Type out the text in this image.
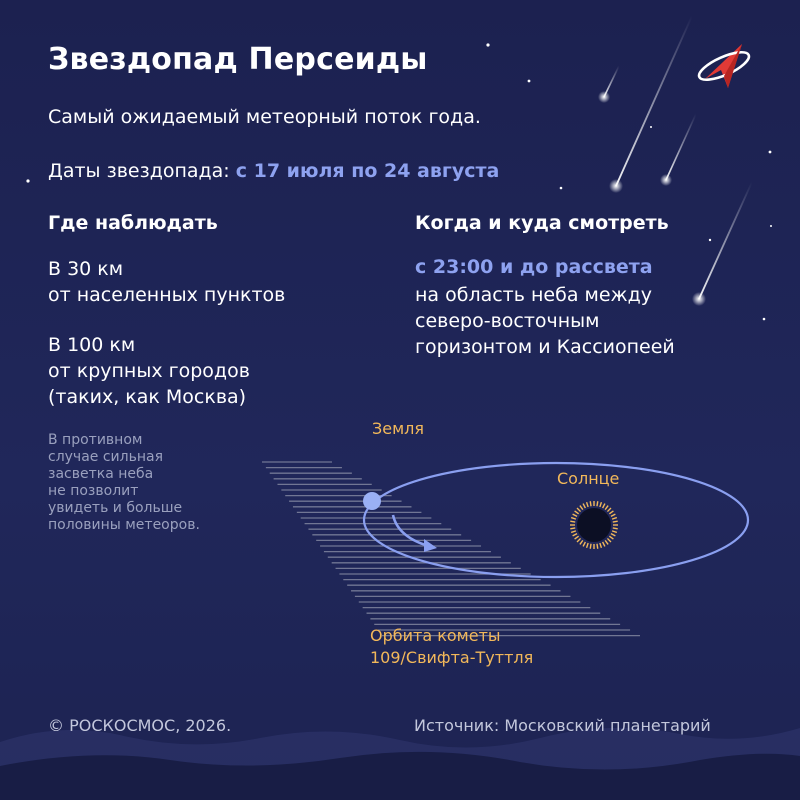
Звездопад Персеиды
Самый ожидаемый метеорный поток года.
Даты звездопада: с 17 июля по 24 августа
Где наблюдать	Когда и куда смотреть
В 30 км
от населенных пунктов
В 100 км
от крупных городов
(таких, как Москва)
В противном
случае сильная
засветка неба
не позволит
увидеть и больше
половины метеоров.
с 23:00 и до рассвета
на область неба между
северо-восточным
горизонтом и Кассиопеей
Земля
Солнце
Орбита кометы
109/Свифта-Туттля
© РОСКОСМОС, 2026.	Источник: Московский планетарий
